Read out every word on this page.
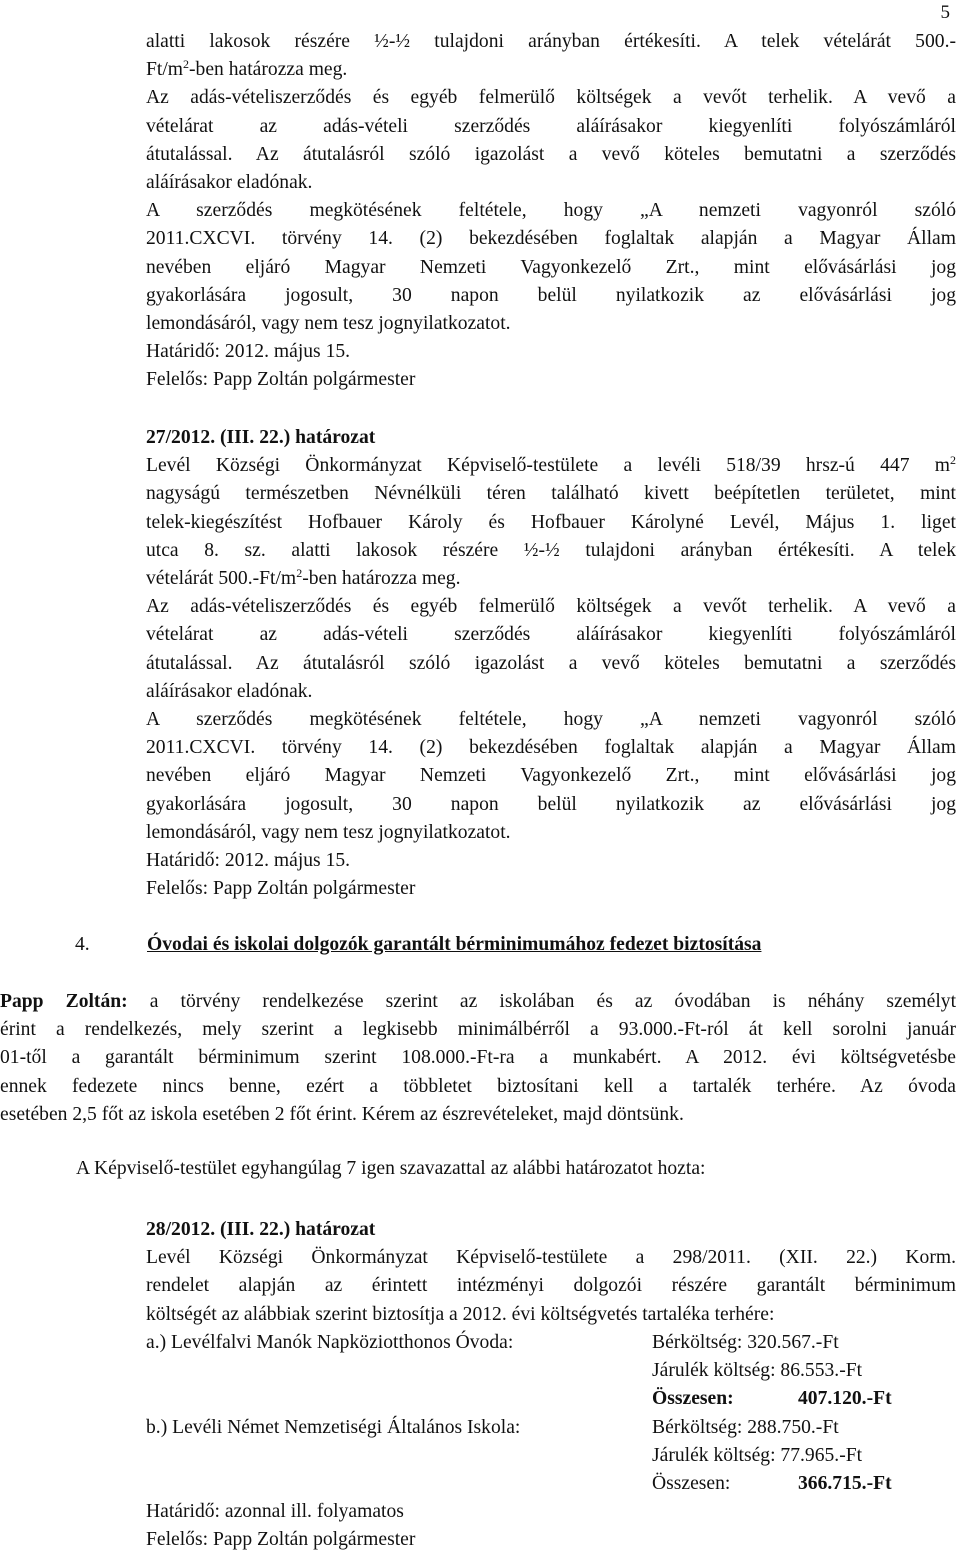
5
alatti lakosok részére ½-½ tulajdoni arányban értékesíti. A telek vételárát 500.-
$Ft/m^2$-ben határozza meg.
Az adás-vételiszerződés és egyéb felmerülő költségek a vevőt terhelik. A vevő a
vételárat az adás-vételi szerződés aláírásakor kiegyenlíti folyószámláról
átutalással. Az átutalásról szóló igazolást a vevő köteles bemutatni a szerződés
aláírásakor eladónak.
A szerződés megkötésének feltétele, hogy „A nemzeti vagyonról szóló
2011.CXCVI. törvény 14. (2) bekezdésében foglaltak alapján a Magyar Állam
nevében eljáró Magyar Nemzeti Vagyonkezelő Zrt., mint elővásárlási jog
gyakorlására jogosult, 30 napon belül nyilatkozik az elővásárlási jog
lemondásáról, vagy nem tesz jognyilatkozatot.
Határidő: 2012. május 15.
Felelős: Papp Zoltán polgármester
27/2012. (III. 22.) határozat
Levél Községi Önkormányzat Képviselő-testülete a levéli 518/39 hrsz-ú 447 $m^2$
nagyságú természetben Névnélküli téren található kivett beépítetlen területet, mint
telek-kiegészítést Hofbauer Károly és Hofbauer Károlyné Levél, Május 1. liget
utca 8. sz. alatti lakosok részére ½-½ tulajdoni arányban értékesíti. A telek
vételárát $500.-Ft/m^2$-ben határozza meg.
Az adás-vételiszerződés és egyéb felmerülő költségek a vevőt terhelik. A vevő a
vételárat az adás-vételi szerződés aláírásakor kiegyenlíti folyószámláról
átutalással. Az átutalásról szóló igazolást a vevő köteles bemutatni a szerződés
aláírásakor eladónak.
A szerződés megkötésének feltétele, hogy „A nemzeti vagyonról szóló
2011.CXCVI. törvény 14. (2) bekezdésében foglaltak alapján a Magyar Állam
nevében eljáró Magyar Nemzeti Vagyonkezelő Zrt., mint elővásárlási jog
gyakorlására jogosult, 30 napon belül nyilatkozik az elővásárlási jog
lemondásáról, vagy nem tesz jognyilatkozatot.
Határidő: 2012. május 15.
Felelős: Papp Zoltán polgármester
4.	Óvodai és iskolai dolgozók garantált bérminimumához fedezet biztosítása
Papp Zoltán: a törvény rendelkezése szerint az iskolában és az óvodában is néhány személyt
érint a rendelkezés, mely szerint a legkisebb minimálbérről a 93.000.-Ft-ról át kell sorolni január
01-től a garantált bérminimum szerint 108.000.-Ft-ra a munkabért. A 2012. évi költségvetésbe
ennek fedezete nincs benne, ezért a többletet biztosítani kell a tartalék terhére. Az óvoda
esetében 2,5 főt az iskola esetében 2 főt érint. Kérem az észrevételeket, majd döntsünk.
A Képviselő-testület egyhangúlag 7 igen szavazattal az alábbi határozatot hozta:
28/2012. (III. 22.) határozat
Levél Községi Önkormányzat Képviselő-testülete a 298/2011. (XII. 22.) Korm.
rendelet alapján az érintett intézményi dolgozói részére garantált bérminimum
költségét az alábbiak szerint biztosítja a 2012. évi költségvetés tartaléka terhére:
a.) Levélfalvi Manók Napköziotthonos Óvoda:	Bérköltség: 320.567.-Ft
Járulék költség: 86.553.-Ft
Összesen:	407.120.-Ft
b.) Levéli Német Nemzetiségi Általános Iskola:	Bérköltség: 288.750.-Ft
Járulék költség: 77.965.-Ft
Összesen:	366.715.-Ft
Határidő: azonnal ill. folyamatos
Felelős: Papp Zoltán polgármester
